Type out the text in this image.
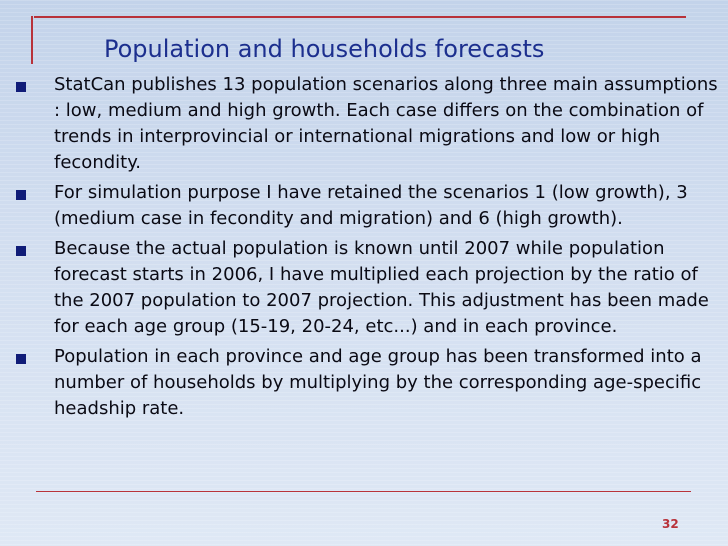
Population and households forecasts
StatCan publishes 13 population scenarios along three main assumptions : low, medium and high growth. Each case differs on the combination of trends in interprovincial or international migrations and low or high fecondity.
For simulation purpose I have retained the scenarios 1 (low growth), 3 (medium case in fecondity and migration) and 6 (high growth).
Because the actual population is known until 2007 while population forecast starts in 2006, I have multiplied each projection by the ratio of the 2007 population to 2007 projection. This adjustment has been made for each age group (15-19, 20-24, etc...) and in each province.
Population in each province and age group has been transformed into a number of households by multiplying by the corresponding age-specific headship rate.
32
